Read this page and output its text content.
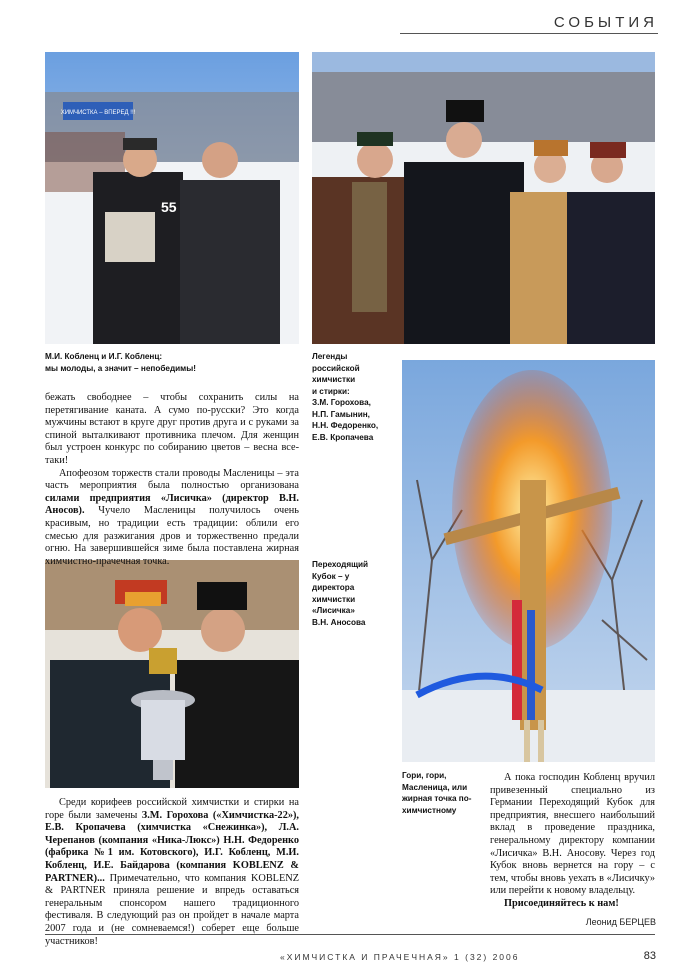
СОБЫТИЯ
ХИМЧИСТКА – ВПЕРЕД !!!
55
М.И. Кобленц и И.Г. Кобленц:
мы молоды, а значит – непобедимы!
Легенды
российской
химчистки
и стирки:
З.М. Горохова,
Н.П. Гамынин,
Н.Н. Федоренко,
Е.В. Кропачева
Переходящий
Кубок – у
директора
химчистки
«Лисичка»
В.Н. Аносова
Гори, гори,
Масленица, или
жирная точка по-
химчистному

бежать свободнее – чтобы сохранить силы на перетягивание каната. А сумо по-русски? Это когда мужчины встают в круге друг против друга и с руками за спиной выталкивают противника плечом. Для женщин был устроен конкурс по собиранию цветов – весна все-таки!

Апофеозом торжеств стали проводы Масленицы – эта часть мероприятия была полностью организована силами предприятия «Лисичка» (директор В.Н. Аносов). Чучело Масленицы получилось очень красивым, но традиции есть традиции: облили его смесью для разжигания дров и торжественно предали огню. На завершившейся зиме была поставлена жирная химчистно-прачечная точка.

Среди корифеев российской химчистки и стирки на горе были замечены З.М. Горохова («Химчистка-22»), Е.В. Кропачева (химчистка «Снежинка»), Л.А. Черепанов (компания «Ника-Люкс») Н.Н. Федоренко (фабрика №1 им. Котовского), И.Г. Кобленц, М.И. Кобленц, И.Е. Байдарова (компания KOBLENZ & PARTNER)... Примечательно, что компания KOBLENZ & PARTNER приняла решение и впредь оставаться генеральным спонсором нашего традиционного фестиваля. В следующий раз он пройдет в начале марта 2007 года и (не сомневаемся!) соберет еще больше участников!

А пока господин Кобленц вручил привезенный специально из Германии Переходящий Кубок для предприятия, внесшего наибольший вклад в проведение праздника, генеральному директору компании «Лисичка» В.Н. Аносову. Через год Кубок вновь вернется на гору – с тем, чтобы вновь уехать в «Лисичку» или перейти к новому владельцу.

Присоединяйтесь к нам!

Леонид БЕРЦЕВ
«ХИМЧИСТКА И ПРАЧЕЧНАЯ» 1 (32) 2006	83
